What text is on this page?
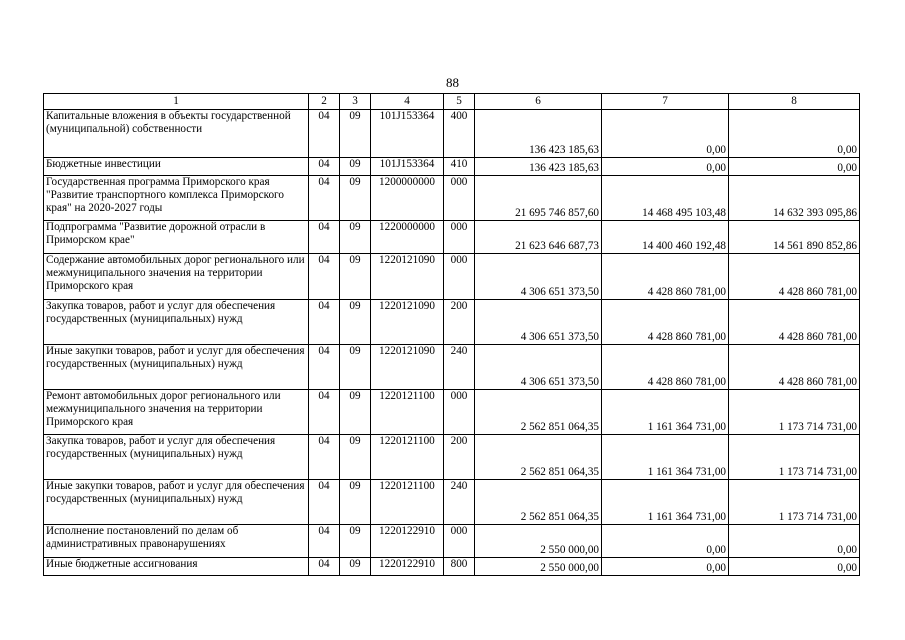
88
1	2	3	4	5	6	7	8
Капитальные вложения в объекты государственной (муниципальной) собственности	04	09	101J153364	400	136 423 185,63	0,00	0,00
Бюджетные инвестиции	04	09	101J153364	410	136 423 185,63	0,00	0,00
Государственная программа Приморского края "Развитие транспортного комплекса Приморского края" на 2020-2027 годы	04	09	1200000000	000	21 695 746 857,60	14 468 495 103,48	14 632 393 095,86
Подпрограмма "Развитие дорожной отрасли в Приморском крае"	04	09	1220000000	000	21 623 646 687,73	14 400 460 192,48	14 561 890 852,86
Содержание автомобильных дорог регионального или межмуниципального значения на территории Приморского края	04	09	1220121090	000	4 306 651 373,50	4 428 860 781,00	4 428 860 781,00
Закупка товаров, работ и услуг для обеспечения государственных (муниципальных) нужд	04	09	1220121090	200	4 306 651 373,50	4 428 860 781,00	4 428 860 781,00
Иные закупки товаров, работ и услуг для обеспечения государственных (муниципальных) нужд	04	09	1220121090	240	4 306 651 373,50	4 428 860 781,00	4 428 860 781,00
Ремонт автомобильных дорог регионального или межмуниципального значения на территории Приморского края	04	09	1220121100	000	2 562 851 064,35	1 161 364 731,00	1 173 714 731,00
Закупка товаров, работ и услуг для обеспечения государственных (муниципальных) нужд	04	09	1220121100	200	2 562 851 064,35	1 161 364 731,00	1 173 714 731,00
Иные закупки товаров, работ и услуг для обеспечения государственных (муниципальных) нужд	04	09	1220121100	240	2 562 851 064,35	1 161 364 731,00	1 173 714 731,00
Исполнение постановлений по делам об административных правонарушениях	04	09	1220122910	000	2 550 000,00	0,00	0,00
Иные бюджетные ассигнования	04	09	1220122910	800	2 550 000,00	0,00	0,00
